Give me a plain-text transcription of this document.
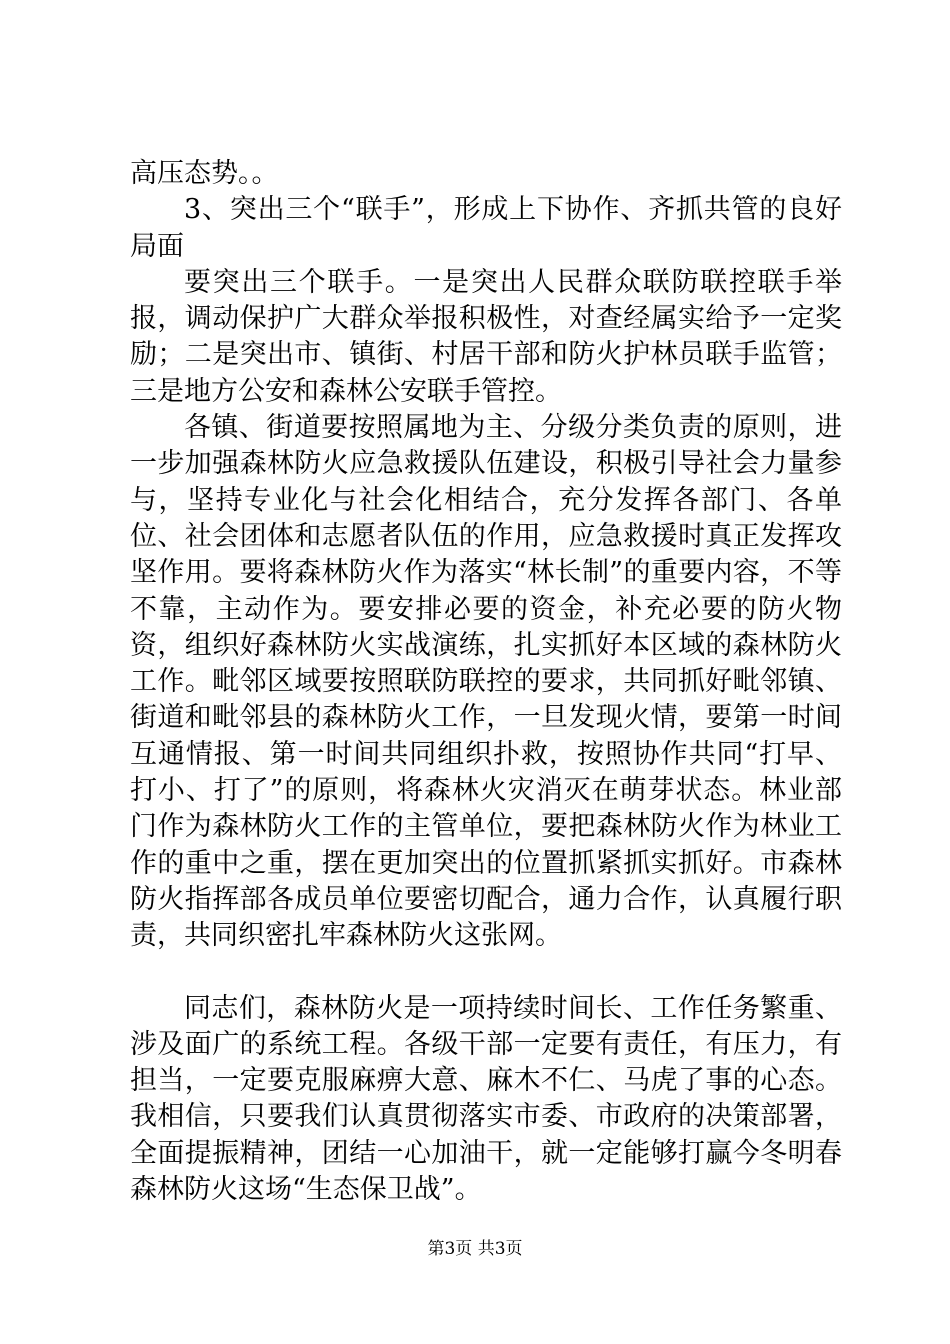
高压态势。。

3、突出三个“联手”，形成上下协作、齐抓共管的良好局面

要突出三个联手。一是突出人民群众联防联控联手举报，调动保护广大群众举报积极性，对查经属实给予一定奖励；二是突出市、镇街、村居干部和防火护林员联手监管；三是地方公安和森林公安联手管控。

各镇、街道要按照属地为主、分级分类负责的原则，进一步加强森林防火应急救援队伍建设，积极引导社会力量参与，坚持专业化与社会化相结合，充分发挥各部门、各单位、社会团体和志愿者队伍的作用，应急救援时真正发挥攻坚作用。要将森林防火作为落实“林长制”的重要内容，不等不靠，主动作为。要安排必要的资金，补充必要的防火物资，组织好森林防火实战演练，扎实抓好本区域的森林防火工作。毗邻区域要按照联防联控的要求，共同抓好毗邻镇、街道和毗邻县的森林防火工作，一旦发现火情，要第一时间互通情报、第一时间共同组织扑救，按照协作共同“打早、打小、打了”的原则，将森林火灾消灭在萌芽状态。林业部门作为森林防火工作的主管单位，要把森林防火作为林业工作的重中之重，摆在更加突出的位置抓紧抓实抓好。市森林防火指挥部各成员单位要密切配合，通力合作，认真履行职责，共同织密扎牢森林防火这张网。

同志们，森林防火是一项持续时间长、工作任务繁重、涉及面广的系统工程。各级干部一定要有责任，有压力，有担当，一定要克服麻痹大意、麻木不仁、马虎了事的心态。我相信，只要我们认真贯彻落实市委、市政府的决策部署，全面提振精神，团结一心加油干，就一定能够打赢今冬明春森林防火这场“生态保卫战”。

第3页 共3页
